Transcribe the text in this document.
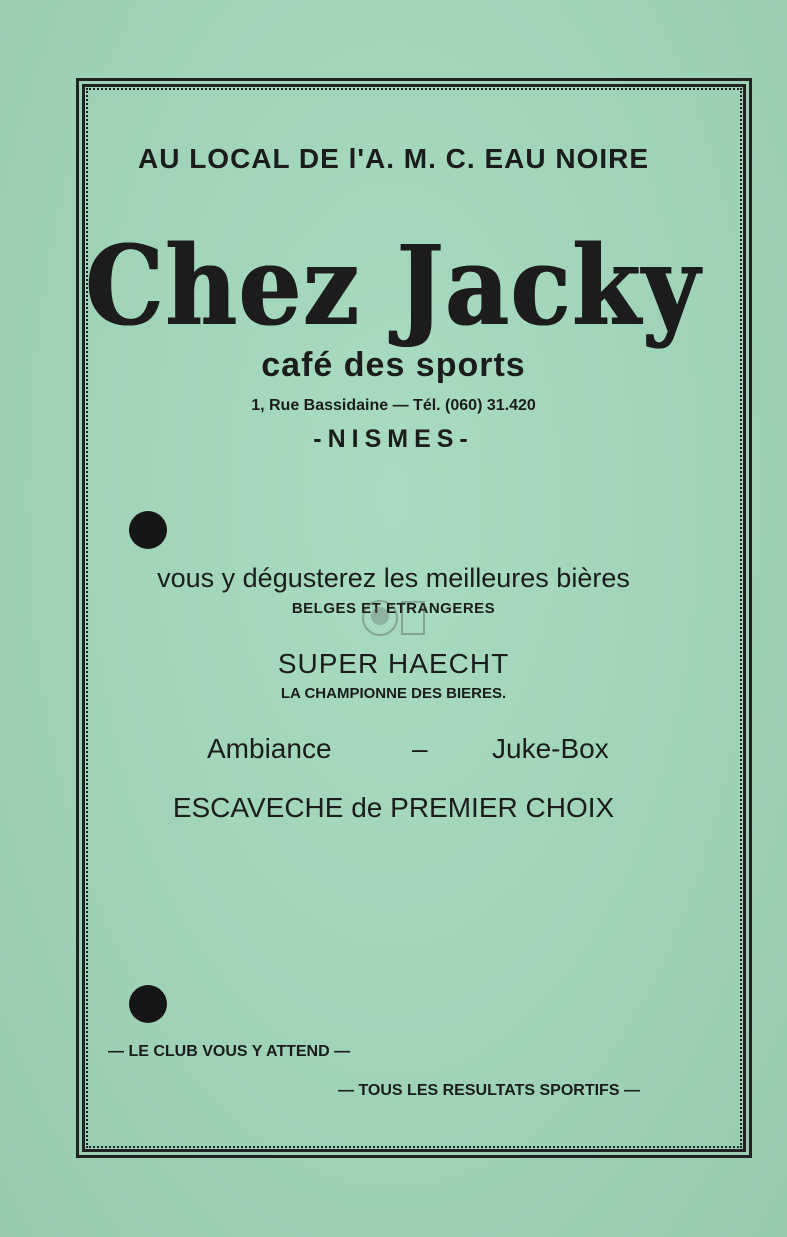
AU LOCAL DE l'A. M. C. EAU NOIRE

Chez Jacky

café des sports

1, Rue Bassidaine — Tél. (060) 31.420

-NISMES-

vous y dégusterez les meilleures bières

BELGES ET ETRANGERES

SUPER HAECHT

LA CHAMPIONNE DES BIERES.

Ambiance	– Juke-Box

ESCAVECHE de PREMIER CHOIX

— LE CLUB VOUS Y ATTEND —

— TOUS LES RESULTATS SPORTIFS —
